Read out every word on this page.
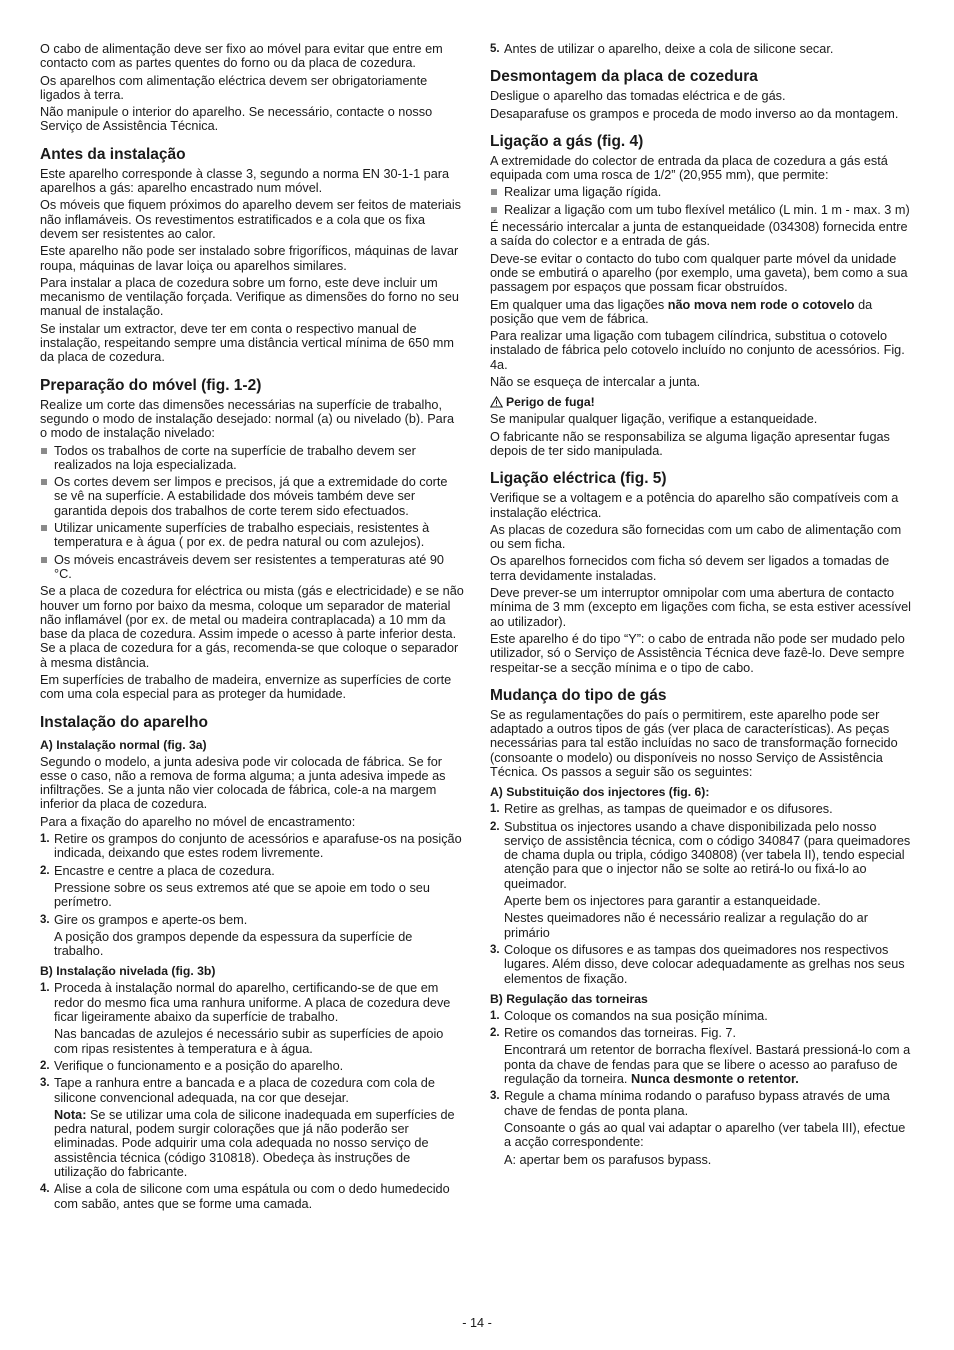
O cabo de alimentação deve ser fixo ao móvel para evitar que entre em contacto com as partes quentes do forno ou da placa de cozedura.

Os aparelhos com alimentação eléctrica devem ser obrigatoriamente ligados à terra.

Não manipule o interior do aparelho. Se necessário, contacte o nosso Serviço de Assistência Técnica.

Antes da instalação

Este aparelho corresponde à classe 3, segundo a norma EN 30-1-1 para aparelhos a gás: aparelho encastrado num móvel.

Os móveis que fiquem próximos do aparelho devem ser feitos de materiais não inflamáveis. Os revestimentos estratificados e a cola que os fixa devem ser resistentes ao calor.

Este aparelho não pode ser instalado sobre frigoríficos, máquinas de lavar roupa, máquinas de lavar loiça ou aparelhos similares.

Para instalar a placa de cozedura sobre um forno, este deve incluir um mecanismo de ventilação forçada. Verifique as dimensões do forno no seu manual de instalação.

Se instalar um extractor, deve ter em conta o respectivo manual de instalação, respeitando sempre uma distância vertical mínima de 650 mm da placa de cozedura.

Preparação do móvel (fig. 1-2)

Realize um corte das dimensões necessárias na superfície de trabalho, segundo o modo de instalação desejado: normal (a) ou nivelado (b). Para o modo de instalação nivelado:

Todos os trabalhos de corte na superfície de trabalho devem ser realizados na loja especializada.
Os cortes devem ser limpos e precisos, já que a extremidade do corte se vê na superfície. A estabilidade dos móveis também deve ser garantida depois dos trabalhos de corte terem sido efectuados.
Utilizar unicamente superfícies de trabalho especiais, resistentes à temperatura e à água ( por ex. de pedra natural ou com azulejos).
Os móveis encastráveis devem ser resistentes a temperaturas até 90 °C.

Se a placa de cozedura for eléctrica ou mista (gás e electricidade) e se não houver um forno por baixo da mesma, coloque um separador de material não inflamável (por ex. de metal ou madeira contraplacada) a 10 mm da base da placa de cozedura. Assim impede o acesso à parte inferior desta. Se a placa de cozedura for a gás, recomenda-se que coloque o separador à mesma distância.

Em superfícies de trabalho de madeira, envernize as superfícies de corte com uma cola especial para as proteger da humidade.

Instalação do aparelho
A) Instalação normal (fig. 3a)

Segundo o modelo, a junta adesiva pode vir colocada de fábrica. Se for esse o caso, não a remova de forma alguma; a junta adesiva impede as infiltrações. Se a junta não vier colocada de fábrica, cole-a na margem inferior da placa de cozedura.

Para a fixação do aparelho no móvel de encastramento:

1. Retire os grampos do conjunto de acessórios e aparafuse-os na posição indicada, deixando que estes rodem livremente.
2. Encastre e centre a placa de cozedura.

Pressione sobre os seus extremos até que se apoie em todo o seu perímetro.

3. Gire os grampos e aperte-os bem.

A posição dos grampos depende da espessura da superfície de trabalho.

B) Instalação nivelada (fig. 3b)
1. Proceda à instalação normal do aparelho, certificando-se de que em redor do mesmo fica uma ranhura uniforme. A placa de cozedura deve ficar ligeiramente abaixo da superfície de trabalho.

Nas bancadas de azulejos é necessário subir as superfícies de apoio com ripas resistentes à temperatura e à água.

2. Verifique o funcionamento e a posição do aparelho.
3. Tape a ranhura entre a bancada e a placa de cozedura com cola de silicone convencional adequada, na cor que desejar.

Nota: Se se utilizar uma cola de silicone inadequada em superfícies de pedra natural, podem surgir colorações que já não poderão ser eliminadas. Pode adquirir uma cola adequada no nosso serviço de assistência técnica (código 310818). Obedeça às instruções de utilização do fabricante.

4. Alise a cola de silicone com uma espátula ou com o dedo humedecido com sabão, antes que se forme uma camada.
5. Antes de utilizar o aparelho, deixe a cola de silicone secar.
Desmontagem da placa de cozedura

Desligue o aparelho das tomadas eléctrica e de gás.

Desaparafuse os grampos e proceda de modo inverso ao da montagem.

Ligação a gás (fig. 4)

A extremidade do colector de entrada da placa de cozedura a gás está equipada com uma rosca de 1/2” (20,955 mm), que permite:

Realizar uma ligação rígida.
Realizar a ligação com um tubo flexível metálico (L min. 1 m - max. 3 m)

É necessário intercalar a junta de estanqueidade (034308) fornecida entre a saída do colector e a entrada de gás.

Deve-se evitar o contacto do tubo com qualquer parte móvel da unidade onde se embutirá o aparelho (por exemplo, uma gaveta), bem como a sua passagem por espaços que possam ficar obstruídos.

Em qualquer uma das ligações não mova nem rode o cotovelo da posição que vem de fábrica.

Para realizar uma ligação com tubagem cilíndrica, substitua o cotovelo instalado de fábrica pelo cotovelo incluído no conjunto de acessórios. Fig. 4a.

Não se esqueça de intercalar a junta.

Perigo de fuga!

Se manipular qualquer ligação, verifique a estanqueidade.

O fabricante não se responsabiliza se alguma ligação apresentar fugas depois de ter sido manipulada.

Ligação eléctrica (fig. 5)

Verifique se a voltagem e a potência do aparelho são compatíveis com a instalação eléctrica.

As placas de cozedura são fornecidas com um cabo de alimentação com ou sem ficha.

Os aparelhos fornecidos com ficha só devem ser ligados a tomadas de terra devidamente instaladas.

Deve prever-se um interruptor omnipolar com uma abertura de contacto mínima de 3 mm (excepto em ligações com ficha, se esta estiver acessível ao utilizador).

Este aparelho é do tipo “Y”: o cabo de entrada não pode ser mudado pelo utilizador, só o Serviço de Assistência Técnica deve fazê-lo. Deve sempre respeitar-se a secção mínima e o tipo de cabo.

Mudança do tipo de gás

Se as regulamentações do país o permitirem, este aparelho pode ser adaptado a outros tipos de gás (ver placa de características). As peças necessárias para tal estão incluídas no saco de transformação fornecido (consoante o modelo) ou disponíveis no nosso Serviço de Assistência Técnica. Os passos a seguir são os seguintes:

A) Substituição dos injectores (fig. 6):
1. Retire as grelhas, as tampas de queimador e os difusores.
2. Substitua os injectores usando a chave disponibilizada pelo nosso serviço de assistência técnica, com o código 340847 (para queimadores de chama dupla ou tripla, código 340808) (ver tabela II), tendo especial atenção para que o injector não se solte ao retirá-lo ou fixá-lo ao queimador.

Aperte bem os injectores para garantir a estanqueidade.

Nestes queimadores não é necessário realizar a regulação do ar primário

3. Coloque os difusores e as tampas dos queimadores nos respectivos lugares. Além disso, deve colocar adequadamente as grelhas nos seus elementos de fixação.
B) Regulação das torneiras
1. Coloque os comandos na sua posição mínima.
2. Retire os comandos das torneiras. Fig. 7.

Encontrará um retentor de borracha flexível. Bastará pressioná-lo com a ponta da chave de fendas para que se libere o acesso ao parafuso de regulação da torneira. Nunca desmonte o retentor.

3. Regule a chama mínima rodando o parafuso bypass através de uma chave de fendas de ponta plana.

Consoante o gás ao qual vai adaptar o aparelho (ver tabela III), efectue a acção correspondente:

A: apertar bem os parafusos bypass.

- 14 -
